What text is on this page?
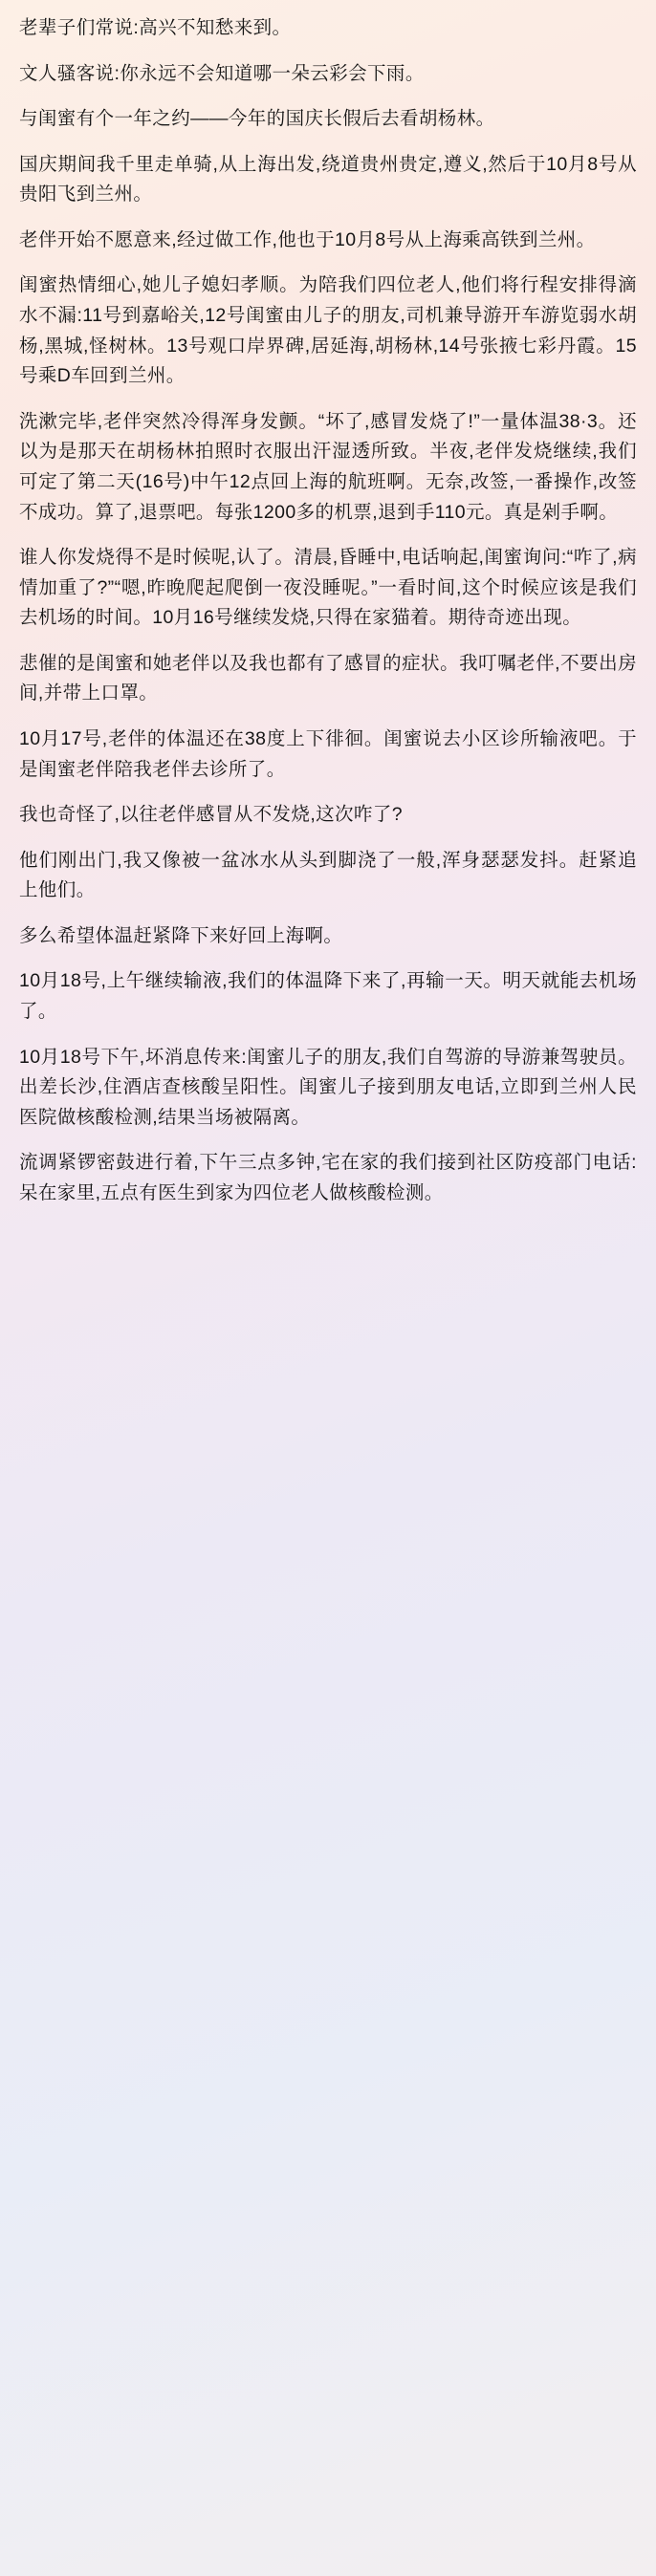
老辈子们常说:高兴不知愁来到。

文人骚客说:你永远不会知道哪一朵云彩会下雨。

与闺蜜有个一年之约——今年的国庆长假后去看胡杨林。

国庆期间我千里走单骑,从上海出发,绕道贵州贵定,遵义,然后于10月8号从贵阳飞到兰州。

老伴开始不愿意来,经过做工作,他也于10月8号从上海乘高铁到兰州。

闺蜜热情细心,她儿子媳妇孝顺。为陪我们四位老人,他们将行程安排得滴水不漏:11号到嘉峪关,12号闺蜜由儿子的朋友,司机兼导游开车游览弱水胡杨,黑城,怪树林。13号观口岸界碑,居延海,胡杨林,14号张掖七彩丹霞。15号乘D车回到兰州。

洗漱完毕,老伴突然冷得浑身发颤。“坏了,感冒发烧了!”一量体温38·3。还以为是那天在胡杨林拍照时衣服出汗湿透所致。半夜,老伴发烧继续,我们可定了第二天(16号)中午12点回上海的航班啊。无奈,改签,一番操作,改签不成功。算了,退票吧。每张1200多的机票,退到手110元。真是剁手啊。

谁人你发烧得不是时候呢,认了。清晨,昏睡中,电话响起,闺蜜询问:“咋了,病情加重了?”“嗯,昨晚爬起爬倒一夜没睡呢。”一看时间,这个时候应该是我们去机场的时间。10月16号继续发烧,只得在家猫着。期待奇迹出现。

悲催的是闺蜜和她老伴以及我也都有了感冒的症状。我叮嘱老伴,不要出房间,并带上口罩。

10月17号,老伴的体温还在38度上下徘徊。闺蜜说去小区诊所输液吧。于是闺蜜老伴陪我老伴去诊所了。

我也奇怪了,以往老伴感冒从不发烧,这次咋了?

他们刚出门,我又像被一盆冰水从头到脚浇了一般,浑身瑟瑟发抖。赶紧追上他们。

多么希望体温赶紧降下来好回上海啊。

10月18号,上午继续输液,我们的体温降下来了,再输一天。明天就能去机场了。

10月18号下午,坏消息传来:闺蜜儿子的朋友,我们自驾游的导游兼驾驶员。出差长沙,住酒店查核酸呈阳性。闺蜜儿子接到朋友电话,立即到兰州人民医院做核酸检测,结果当场被隔离。

流调紧锣密鼓进行着,下午三点多钟,宅在家的我们接到社区防疫部门电话:呆在家里,五点有医生到家为四位老人做核酸检测。
